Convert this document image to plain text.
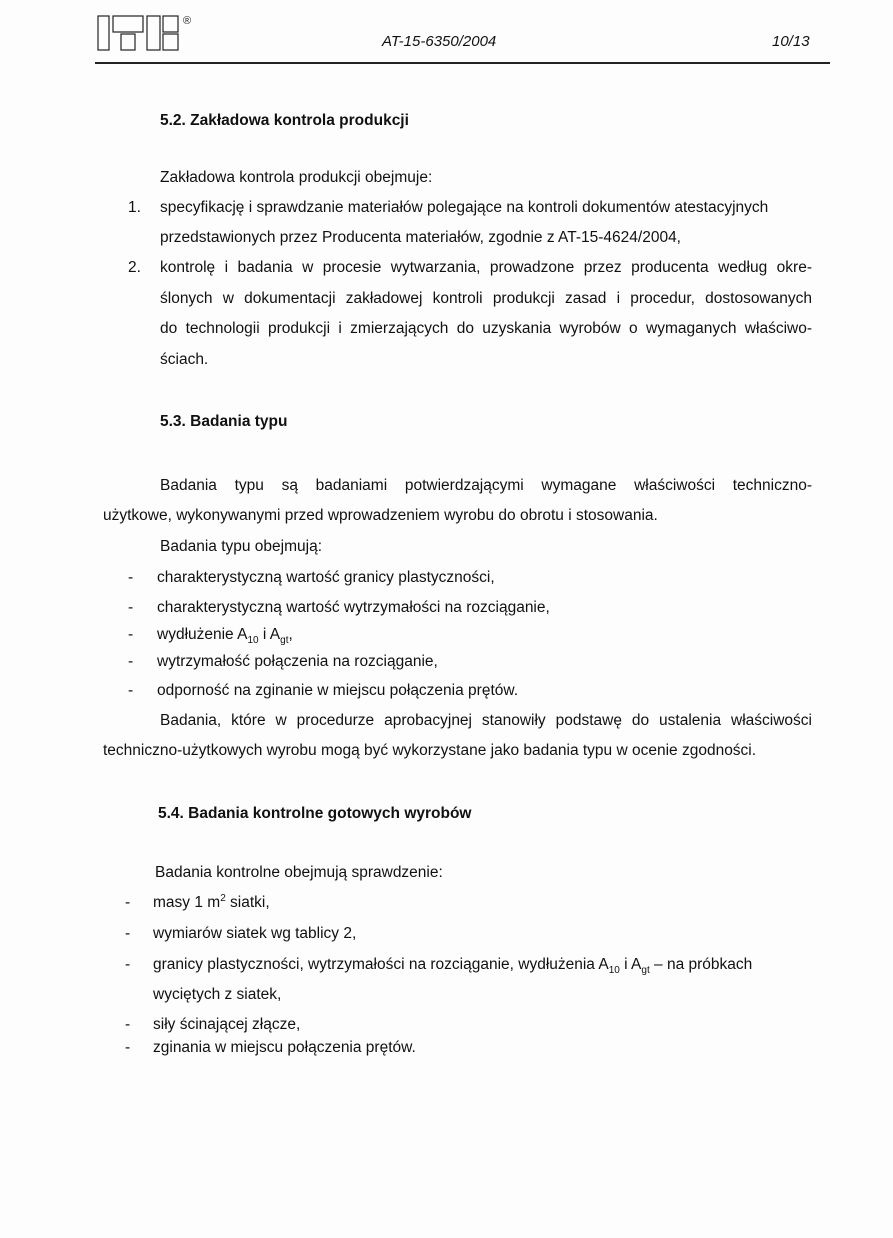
®
AT-15-6350/2004	10/13
5.2. Zakładowa kontrola produkcji
Zakładowa kontrola produkcji obejmuje:
1. specyfikację i sprawdzanie materiałów polegające na kontroli dokumentów atestacyjnych
przedstawionych przez Producenta materiałów, zgodnie z AT-15-4624/2004,
2. kontrolę i badania w procesie wytwarzania, prowadzone przez producenta według okre-
ślonych w dokumentacji zakładowej kontroli produkcji zasad i procedur, dostosowanych
do technologii produkcji i zmierzających do uzyskania wyrobów o wymaganych właściwo-
ściach.
5.3. Badania typu
Badania typu są badaniami potwierdzającymi wymagane właściwości techniczno-
użytkowe, wykonywanymi przed wprowadzeniem wyrobu do obrotu i stosowania.
Badania typu obejmują:
- charakterystyczną wartość granicy plastyczności,
- charakterystyczną wartość wytrzymałości na rozciąganie,
- wydłużenie $A_{10}$ i $A_{gt}$,
- wytrzymałość połączenia na rozciąganie,
- odporność na zginanie w miejscu połączenia prętów.
Badania, które w procedurze aprobacyjnej stanowiły podstawę do ustalenia właściwości
techniczno-użytkowych wyrobu mogą być wykorzystane jako badania typu w ocenie zgodności.
5.4. Badania kontrolne gotowych wyrobów
Badania kontrolne obejmują sprawdzenie:
- masy 1 $m^2$ siatki,
- wymiarów siatek wg tablicy 2,
- granicy plastyczności, wytrzymałości na rozciąganie, wydłużenia $A_{10}$ i $A_{gt}$ – na próbkach
wyciętych z siatek,
- siły ścinającej złącze,
- zginania w miejscu połączenia prętów.
